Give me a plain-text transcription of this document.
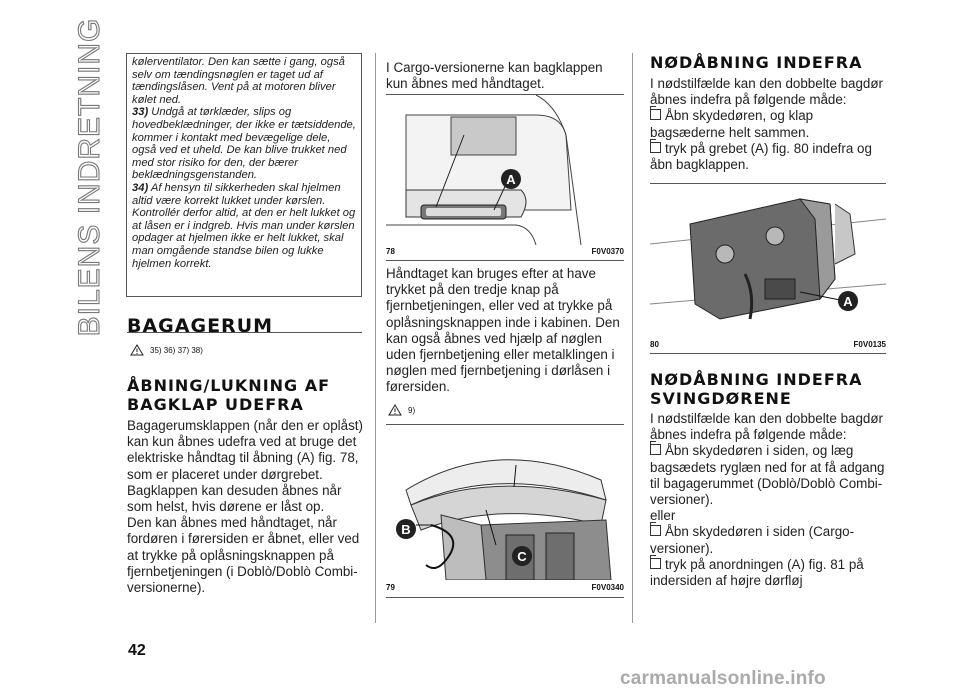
BILENS INDRETNING kølerventilator. Den kan sætte i gang, også selv om tændingsnøglen er taget ud af tændingslåsen. Vent på at motoren bliver kølet ned.

33) Undgå at tørklæder, slips og hovedbeklædninger, der ikke er tætsiddende, kommer i kontakt med bevægelige dele, også ved et uheld. De kan blive trukket ned med stor risiko for den, der bærer beklædningsgenstanden.

34) Af hensyn til sikkerheden skal hjelmen altid være korrekt lukket under kørslen. Kontrollér derfor altid, at den er helt lukket og at låsen er i indgreb. Hvis man under kørslen opdager at hjelmen ikke er helt lukket, skal man omgående standse bilen og lukke hjelmen korrekt.

BAGAGERUM
35) 36) 37) 38)
ÅBNING/LUKNING AF
BAGKLAP UDEFRA

Bagagerumsklappen (når den er oplåst) kan kun åbnes udefra ved at bruge det elektriske håndtag til åbning (A) fig. 78, som er placeret under dørgrebet. Bagklappen kan desuden åbnes når som helst, hvis dørene er låst op.

Den kan åbnes med håndtaget, når fordøren i førersiden er åbnet, eller ved at trykke på oplåsningsknappen på fjernbetjeningen (i Doblò/Doblò Combi-versionerne).

I Cargo-versionerne kan bagklappen kun åbnes med håndtaget.
A
78	F0V0370
Håndtaget kan bruges efter at have trykket på den tredje knap på fjernbetjeningen, eller ved at trykke på oplåsningsknappen inde i kabinen. Den kan også åbnes ved hjælp af nøglen uden fjernbetjening eller metalklingen i nøglen med fjernbetjening i dørlåsen i førersiden.
9)
B
C
79	F0V0340
NØDÅBNING INDEFRA

I nødstilfælde kan den dobbelte bagdør åbnes indefra på følgende måde:

Åbn skydedøren, og klap bagsæderne helt sammen.

tryk på grebet (A) fig. 80 indefra og åbn bagklappen.

A
80	F0V0135
NØDÅBNING INDEFRA
SVINGDØRENE

I nødstilfælde kan den dobbelte bagdør åbnes indefra på følgende måde:

Åbn skydedøren i siden, og læg bagsædets ryglæn ned for at få adgang til bagagerummet (Doblò/Doblò Combi-versioner).

eller

Åbn skydedøren i siden (Cargo-versioner).

tryk på anordningen (A) fig. 81 på indersiden af højre dørfløj

42
carmanualsonline.info
